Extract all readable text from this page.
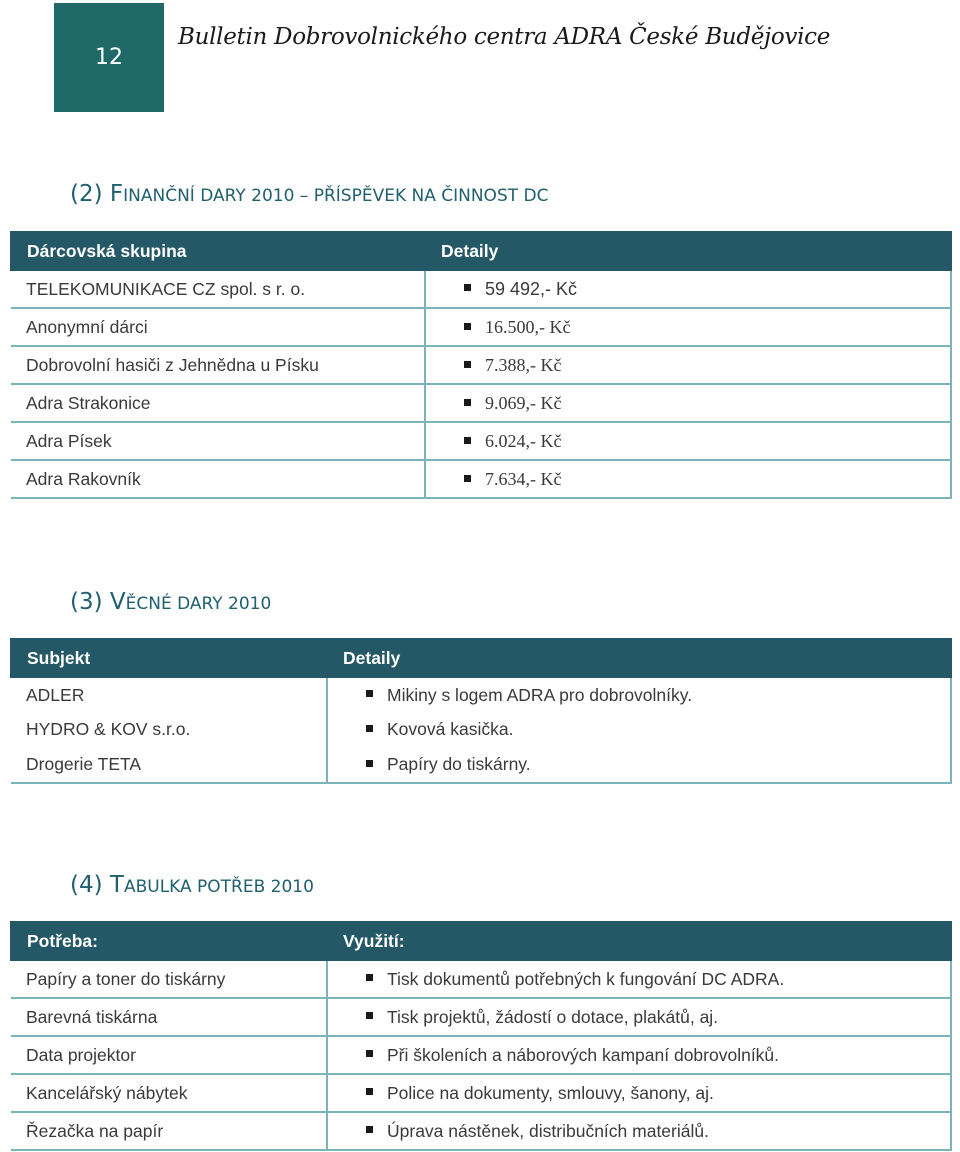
12
Bulletin Dobrovolnického centra ADRA České Budějovice
(2) FINANČNÍ DARY 2010 – PŘÍSPĚVEK NA ČINNOST DC
Dárcovská skupina	Detaily
TELEKOMUNIKACE CZ spol. s r. o.	59 492,- Kč
Anonymní dárci	16.500,- Kč
Dobrovolní hasiči z Jehnědna u Písku	7.388,- Kč
Adra Strakonice	9.069,- Kč
Adra Písek	6.024,- Kč
Adra Rakovník	7.634,- Kč
(3) VĚCNÉ DARY 2010
Subjekt	Detaily
ADLER	Mikiny s logem ADRA pro dobrovolníky.
HYDRO & KOV s.r.o.	Kovová kasička.
Drogerie TETA	Papíry do tiskárny.
(4) TABULKA POTŘEB 2010
Potřeba:	Využití:
Papíry a toner do tiskárny	Tisk dokumentů potřebných k fungování DC ADRA.
Barevná tiskárna	Tisk projektů, žádostí o dotace, plakátů, aj.
Data projektor	Při školeních a náborových kampaní dobrovolníků.
Kancelářský nábytek	Police na dokumenty, smlouvy, šanony, aj.
Řezačka na papír	Úprava nástěnek, distribučních materiálů.
